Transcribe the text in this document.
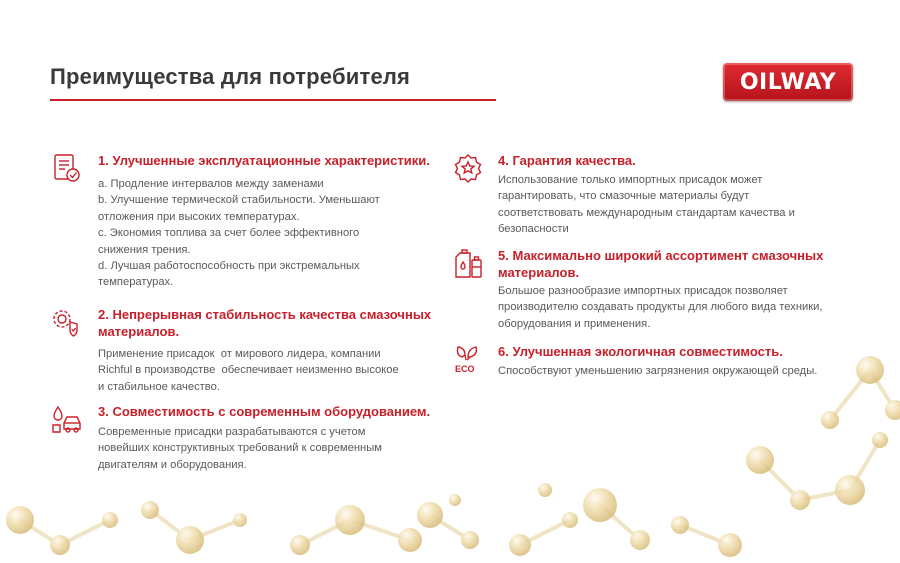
Преимущества для потребителя	OILWAY
1. Улучшенные эксплуатационные характеристики.
a. Продление интервалов между заменами
b. Улучшение термической стабильности. Уменьшают
отложения при высоких температурах.
c. Экономия топлива за счет более эффективного
снижения трения.
d. Лучшая работоспособность при экстремальных
температурах.
2. Непрерывная стабильность качества смазочных
материалов.
Применение присадок  от мирового лидера, компании
Richful в производстве  обеспечивает неизменно высокое
и стабильное качество.
3. Совместимость с современным оборудованием.
Современные присадки разрабатываются с учетом
новейших конструктивных требований к современным
двигателям и оборудования.
4. Гарантия качества.
Использование только импортных присадок может
гарантировать, что смазочные материалы будут
соответствовать международным стандартам качества и
безопасности
5. Максимально широкий ассортимент смазочных
материалов.
Большое разнообразие импортных присадок позволяет
производителю создавать продукты для любого вида техники,
оборудования и применения.
ECO
6. Улучшенная экологичная совместимость.
Способствуют уменьшению загрязнения окружающей среды.
